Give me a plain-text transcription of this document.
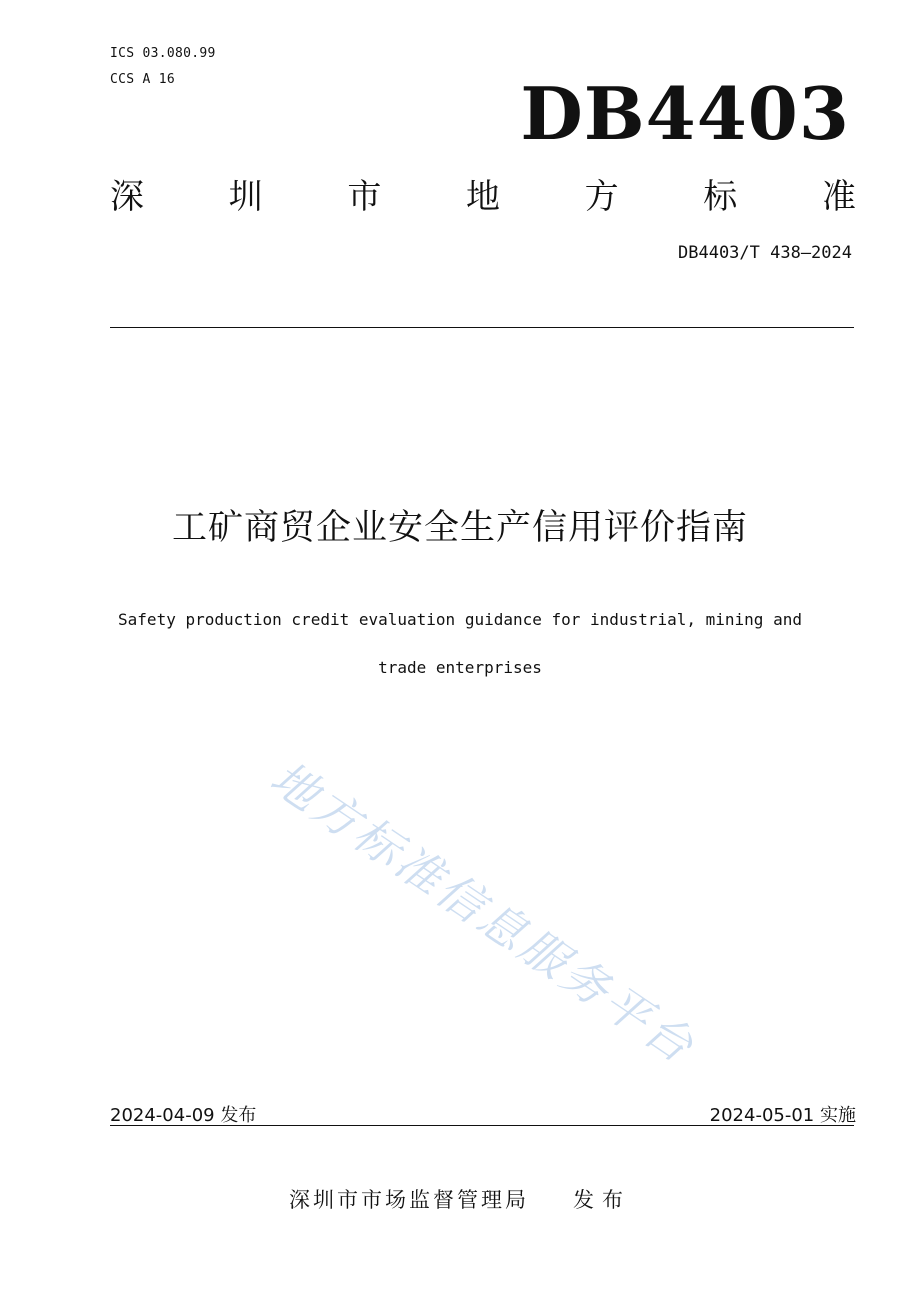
ICS 03.080.99
CCS A 16	DB4403
深 圳 市 地 方 标 准
DB4403/T 438—2024
工矿商贸企业安全生产信用评价指南
Safety production credit evaluation guidance for industrial, mining and
trade enterprises
地方标准信息服务平台
2024-04-09 发布	2024-05-01 实施
深圳市市场监督管理局 发布
